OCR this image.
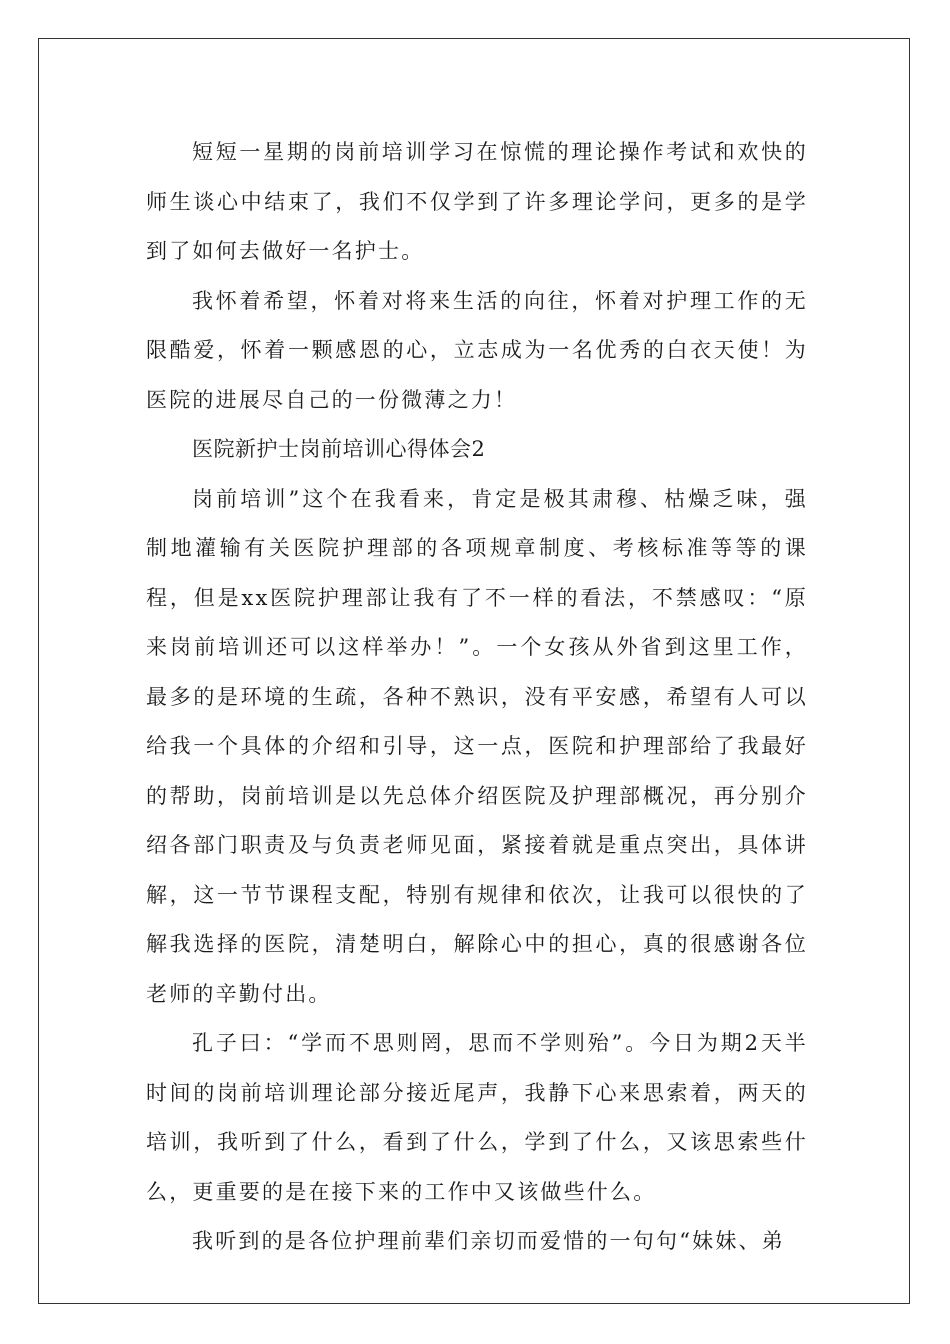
短短一星期的岗前培训学习在惊慌的理论操作考试和欢快的师生谈心中结束了，我们不仅学到了许多理论学问，更多的是学到了如何去做好一名护士。

我怀着希望，怀着对将来生活的向往，怀着对护理工作的无限酷爱，怀着一颗感恩的心，立志成为一名优秀的白衣天使！为医院的进展尽自己的一份微薄之力！

医院新护士岗前培训心得体会2

岗前培训”这个在我看来，肯定是极其肃穆、枯燥乏味，强制地灌输有关医院护理部的各项规章制度、考核标准等等的课程，但是xx医院护理部让我有了不一样的看法，不禁感叹：“原来岗前培训还可以这样举办！”。一个女孩从外省到这里工作，最多的是环境的生疏，各种不熟识，没有平安感，希望有人可以给我一个具体的介绍和引导，这一点，医院和护理部给了我最好的帮助，岗前培训是以先总体介绍医院及护理部概况，再分别介绍各部门职责及与负责老师见面，紧接着就是重点突出，具体讲解，这一节节课程支配，特别有规律和依次，让我可以很快的了解我选择的医院，清楚明白，解除心中的担心，真的很感谢各位老师的辛勤付出。

孔子曰：“学而不思则罔，思而不学则殆”。今日为期2天半时间的岗前培训理论部分接近尾声，我静下心来思索着，两天的培训，我听到了什么，看到了什么，学到了什么，又该思索些什么，更重要的是在接下来的工作中又该做些什么。

我听到的是各位护理前辈们亲切而爱惜的一句句“妹妹、弟
